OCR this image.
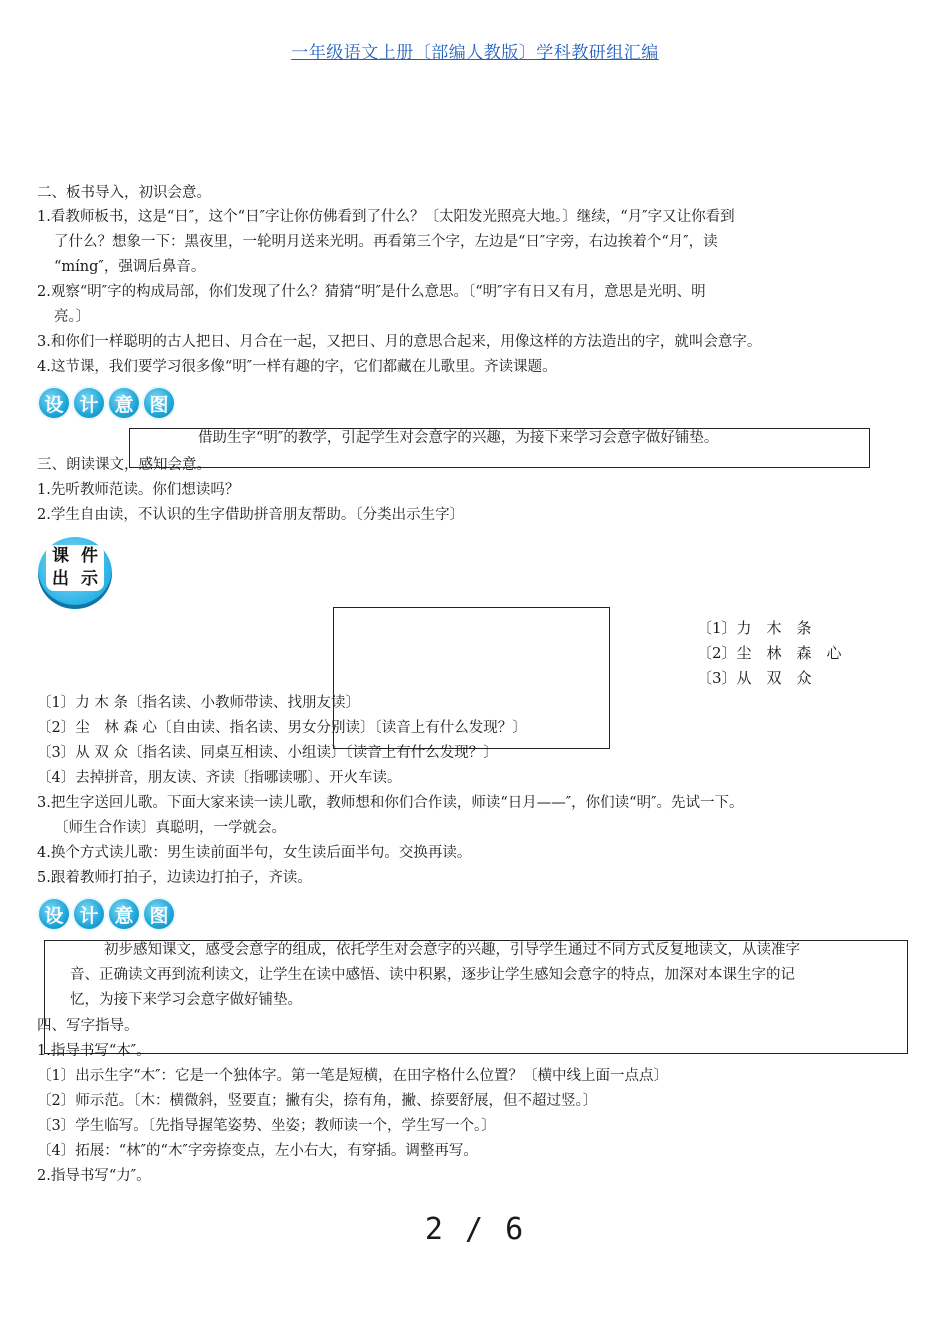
一年级语文上册〔部编人教版〕学科教研组汇编
二、板书导入，初识会意。
1.看教师板书，这是“日″，这个“日″字让你仿佛看到了什么？〔太阳发光照亮大地。〕继续，“月″字又让你看到
了什么？想象一下：黑夜里，一轮明月送来光明。再看第三个字，左边是“日″字旁，右边挨着个“月″，读
“míng″，强调后鼻音。
2.观察“明″字的构成局部，你们发现了什么？猜猜“明″是什么意思。〔“明″字有日又有月，意思是光明、明
亮。〕
3.和你们一样聪明的古人把日、月合在一起，又把日、月的意思合起来，用像这样的方法造出的字，就叫会意字。
4.这节课，我们要学习很多像“明″一样有趣的字，它们都藏在儿歌里。齐读课题。
设 计 意 图
借助生字“明″的教学，引起学生对会意字的兴趣，为接下来学习会意字做好铺垫。
三、朗读课文，感知会意。
1.先听教师范读。你们想读吗？
2.学生自由读，不认识的生字借助拼音朋友帮助。〔分类出示生字〕
课 件
出 示
〔1〕力　木　条
〔2〕尘　林　森　心
〔3〕从　双　众
〔1〕力 木 条〔指名读、小教师带读、找朋友读〕
〔2〕尘　林 森 心〔自由读、指名读、男女分别读〕〔读音上有什么发现？〕
〔3〕从 双 众〔指名读、同桌互相读、小组读〕〔读音上有什么发现？〕
〔4〕去掉拼音，朋友读、齐读〔指哪读哪〕、开火车读。
3.把生字送回儿歌。下面大家来读一读儿歌，教师想和你们合作读，师读“日月——″，你们读“明″。先试一下。
〔师生合作读〕真聪明，一学就会。
4.换个方式读儿歌：男生读前面半句，女生读后面半句。交换再读。
5.跟着教师打拍子，边读边打拍子，齐读。
设 计 意 图
初步感知课文，感受会意字的组成，依托学生对会意字的兴趣，引导学生通过不同方式反复地读文，从读准字
音、正确读文再到流利读文，让学生在读中感悟、读中积累，逐步让学生感知会意字的特点，加深对本课生字的记
忆，为接下来学习会意字做好铺垫。
四、写字指导。
1.指导书写“木″。
〔1〕出示生字“木″：它是一个独体字。第一笔是短横，在田字格什么位置？〔横中线上面一点点〕
〔2〕师示范。〔木：横微斜，竖要直；撇有尖，捺有角，撇、捺要舒展，但不超过竖。〕
〔3〕学生临写。〔先指导握笔姿势、坐姿；教师读一个，学生写一个。〕
〔4〕拓展：“林″的“木″字旁捺变点，左小右大，有穿插。调整再写。
2.指导书写“力″。
2 / 6
